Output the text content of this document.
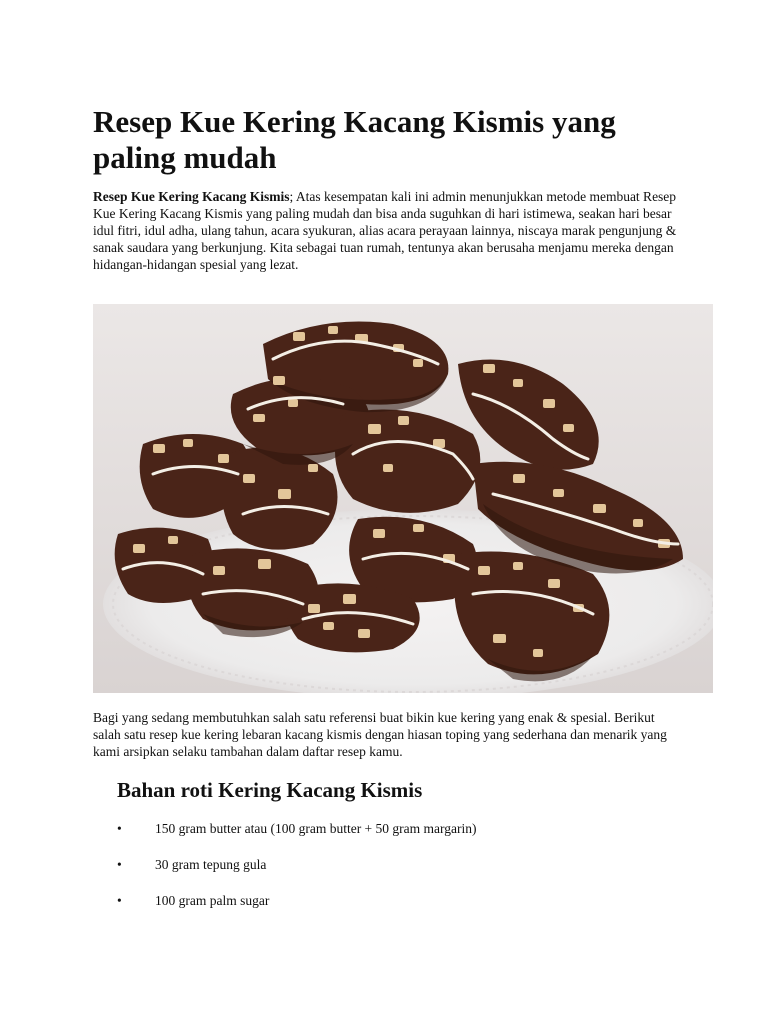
Resep Kue Kering Kacang Kismis yang paling mudah

Resep Kue Kering Kacang Kismis; Atas kesempatan kali ini admin menunjukkan metode membuat Resep Kue Kering Kacang Kismis yang paling mudah dan bisa anda suguhkan di hari istimewa, seakan hari besar idul fitri, idul adha, ulang tahun, acara syukuran, alias acara perayaan lainnya, niscaya marak pengunjung & sanak saudara yang berkunjung. Kita sebagai tuan rumah, tentunya akan berusaha menjamu mereka dengan hidangan-hidangan spesial yang lezat.

Bagi yang sedang membutuhkan salah satu referensi buat bikin kue kering yang enak & spesial. Berikut salah satu resep kue kering lebaran kacang kismis dengan hiasan toping yang sederhana dan menarik yang kami arsipkan selaku tambahan dalam daftar resep kamu.

Bahan roti Kering Kacang Kismis
•	150 gram butter atau (100 gram butter + 50 gram margarin)
•	30 gram tepung gula
•	100 gram palm sugar
